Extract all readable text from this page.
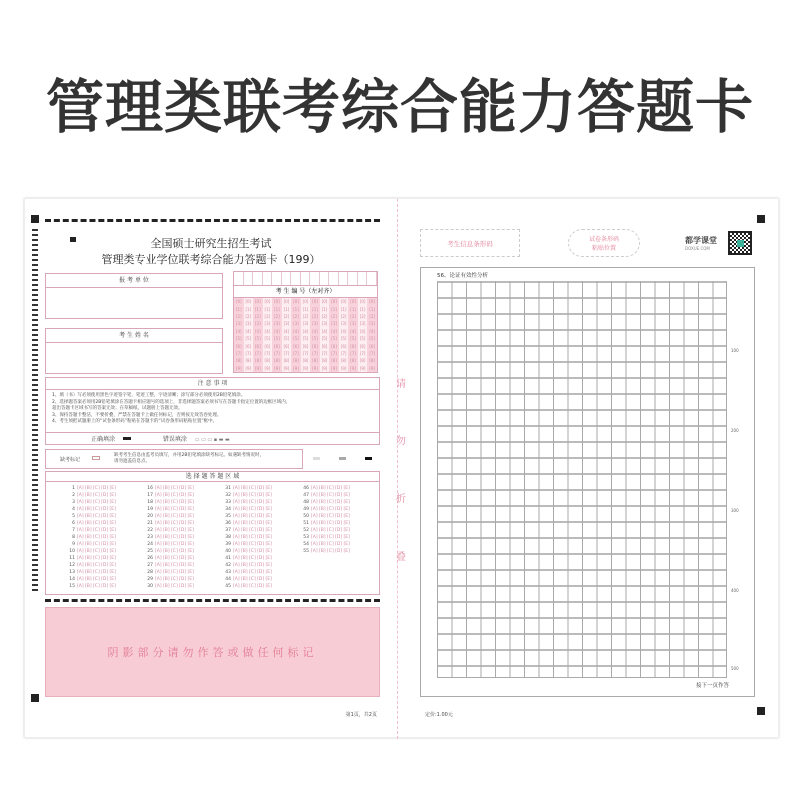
管理类联考综合能力答题卡
全国硕士研究生招生考试
管理类专业学位联考综合能力答题卡（199）
报 考 单 位
考 生 姓 名
考 生 编 号（左对齐）
[0]
[1]
[2]
[3]
[4]
[5]
[6]
[7]
[8]
[9]
[0]
[1]
[2]
[3]
[4]
[5]
[6]
[7]
[8]
[9]
[0]
[1]
[2]
[3]
[4]
[5]
[6]
[7]
[8]
[9]
[0]
[1]
[2]
[3]
[4]
[5]
[6]
[7]
[8]
[9]
[0]
[1]
[2]
[3]
[4]
[5]
[6]
[7]
[8]
[9]
[0]
[1]
[2]
[3]
[4]
[5]
[6]
[7]
[8]
[9]
[0]
[1]
[2]
[3]
[4]
[5]
[6]
[7]
[8]
[9]
[0]
[1]
[2]
[3]
[4]
[5]
[6]
[7]
[8]
[9]
[0]
[1]
[2]
[3]
[4]
[5]
[6]
[7]
[8]
[9]
[0]
[1]
[2]
[3]
[4]
[5]
[6]
[7]
[8]
[9]
[0]
[1]
[2]
[3]
[4]
[5]
[6]
[7]
[8]
[9]
[0]
[1]
[2]
[3]
[4]
[5]
[6]
[7]
[8]
[9]
[0]
[1]
[2]
[3]
[4]
[5]
[6]
[7]
[8]
[9]
[0]
[1]
[2]
[3]
[4]
[5]
[6]
[7]
[8]
[9]
[0]
[1]
[2]
[3]
[4]
[5]
[6]
[7]
[8]
[9]
注 意 事 项
1、填（书）写必须使用黑色字迹签字笔，笔迹工整，字迹清晰；涂写部分必须使用2B铅笔填涂。
2、选择题答案必须用2B铅笔填涂在答题卡相应题号的选项上，非选择题答案必须书写在答题卡指定位置的边框区域内，
超出答题卡区域书写的答案无效；在草稿纸、试题册上答题无效。
3、保持答题卡整洁，不要折叠，严禁在答题卡上做任何标记，否则按无效答卷处理。
4、考生须把试题册上的“试卷条形码”粘贴在答题卡的“试卷条形码粘贴位置”框中。
正确填涂	错误填涂 ▭ ▭ ▭ ▪ ▬ ▬
缺考标记
缺考考生信息由监考员填写，并用2B铅笔填涂缺考标记。如遇缺考情况时，请勿遮盖信息点。
选 择 题 答 题 区 域
1 [A] [B] [C] [D] [E]
2 [A] [B] [C] [D] [E]
3 [A] [B] [C] [D] [E]
4 [A] [B] [C] [D] [E]
5 [A] [B] [C] [D] [E]
6 [A] [B] [C] [D] [E]
7 [A] [B] [C] [D] [E]
8 [A] [B] [C] [D] [E]
9 [A] [B] [C] [D] [E]
10 [A] [B] [C] [D] [E]
11 [A] [B] [C] [D] [E]
12 [A] [B] [C] [D] [E]
13 [A] [B] [C] [D] [E]
14 [A] [B] [C] [D] [E]
15 [A] [B] [C] [D] [E]
16 [A] [B] [C] [D] [E]
17 [A] [B] [C] [D] [E]
18 [A] [B] [C] [D] [E]
19 [A] [B] [C] [D] [E]
20 [A] [B] [C] [D] [E]
21 [A] [B] [C] [D] [E]
22 [A] [B] [C] [D] [E]
23 [A] [B] [C] [D] [E]
24 [A] [B] [C] [D] [E]
25 [A] [B] [C] [D] [E]
26 [A] [B] [C] [D] [E]
27 [A] [B] [C] [D] [E]
28 [A] [B] [C] [D] [E]
29 [A] [B] [C] [D] [E]
30 [A] [B] [C] [D] [E]
31 [A] [B] [C] [D] [E]
32 [A] [B] [C] [D] [E]
33 [A] [B] [C] [D] [E]
34 [A] [B] [C] [D] [E]
35 [A] [B] [C] [D] [E]
36 [A] [B] [C] [D] [E]
37 [A] [B] [C] [D] [E]
38 [A] [B] [C] [D] [E]
39 [A] [B] [C] [D] [E]
40 [A] [B] [C] [D] [E]
41 [A] [B] [C] [D] [E]
42 [A] [B] [C] [D] [E]
43 [A] [B] [C] [D] [E]
44 [A] [B] [C] [D] [E]
45 [A] [B] [C] [D] [E]
46 [A] [B] [C] [D] [E]
47 [A] [B] [C] [D] [E]
48 [A] [B] [C] [D] [E]
49 [A] [B] [C] [D] [E]
50 [A] [B] [C] [D] [E]
51 [A] [B] [C] [D] [E]
52 [A] [B] [C] [D] [E]
53 [A] [B] [C] [D] [E]
54 [A] [B] [C] [D] [E]
55 [A] [B] [C] [D] [E]
阴影部分请勿作答或做任何标记
第1页，共2页
请
勿
折
叠
考生信息条形码
试卷条形码
粘贴位置
都学课堂
DOXUE.COM
56、论证有效性分析
100
200
300
400
500
接下一页作答
定价:1.00元
